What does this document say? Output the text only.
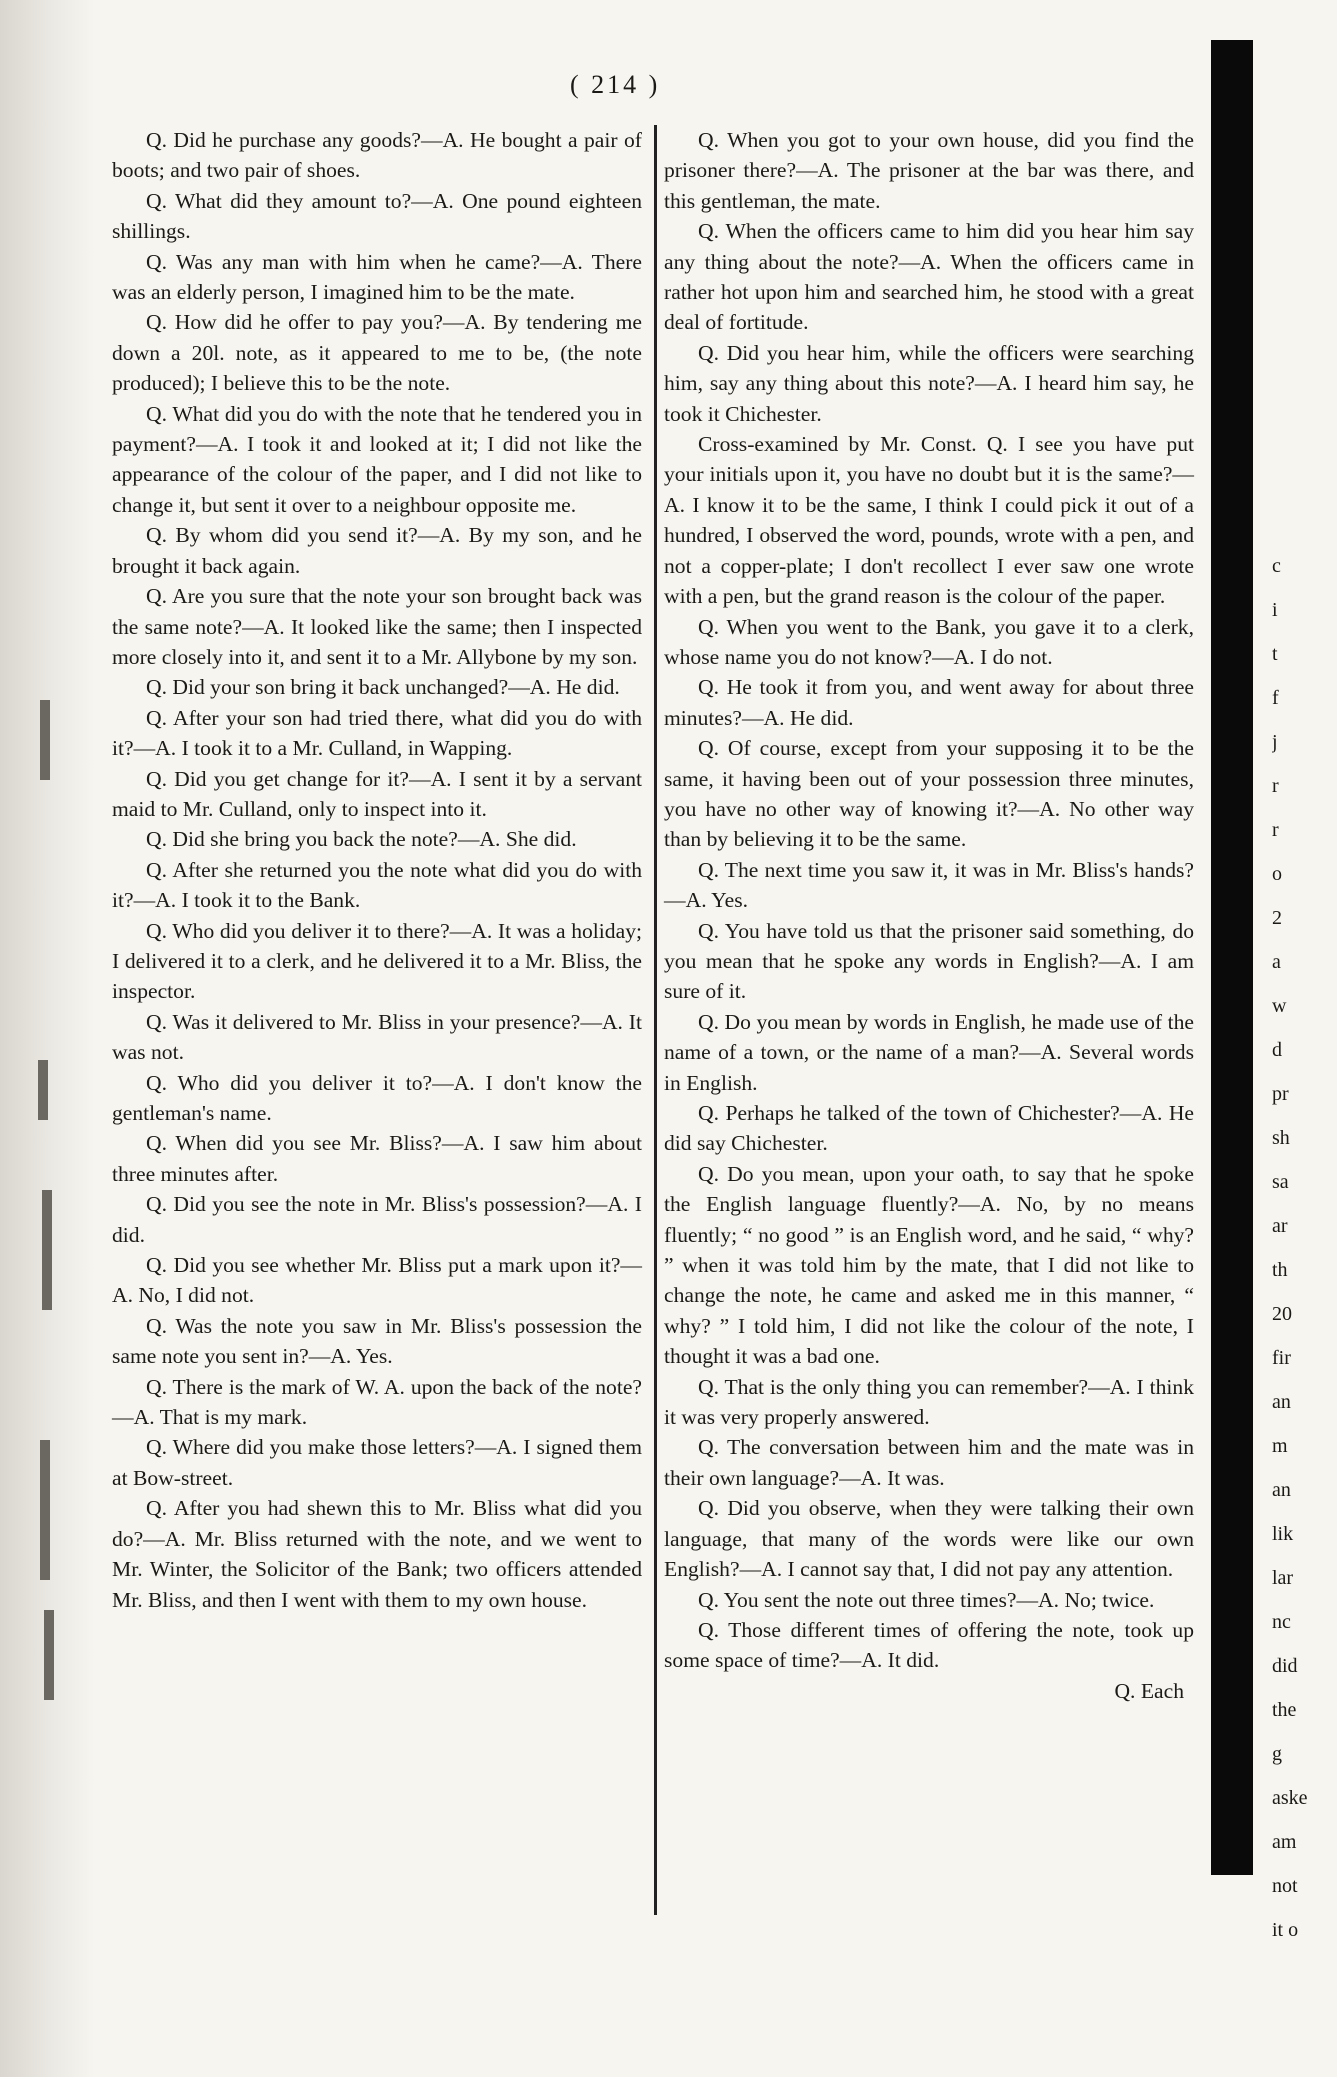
( 214 )

Q. Did he purchase any goods?—A. He bought a pair of boots; and two pair of shoes.

Q. What did they amount to?—A. One pound eighteen shillings.

Q. Was any man with him when he came?—A. There was an elderly person, I imagined him to be the mate.

Q. How did he offer to pay you?—A. By tendering me down a 20l. note, as it appeared to me to be, (the note produced); I believe this to be the note.

Q. What did you do with the note that he tendered you in payment?—A. I took it and looked at it; I did not like the appearance of the colour of the paper, and I did not like to change it, but sent it over to a neighbour opposite me.

Q. By whom did you send it?—A. By my son, and he brought it back again.

Q. Are you sure that the note your son brought back was the same note?—A. It looked like the same; then I inspected more closely into it, and sent it to a Mr. Allybone by my son.

Q. Did your son bring it back unchanged?—A. He did.

Q. After your son had tried there, what did you do with it?—A. I took it to a Mr. Culland, in Wapping.

Q. Did you get change for it?—A. I sent it by a servant maid to Mr. Culland, only to inspect into it.

Q. Did she bring you back the note?—A. She did.

Q. After she returned you the note what did you do with it?—A. I took it to the Bank.

Q. Who did you deliver it to there?—A. It was a holiday; I delivered it to a clerk, and he delivered it to a Mr. Bliss, the inspector.

Q. Was it delivered to Mr. Bliss in your presence?—A. It was not.

Q. Who did you deliver it to?—A. I don't know the gentleman's name.

Q. When did you see Mr. Bliss?—A. I saw him about three minutes after.

Q. Did you see the note in Mr. Bliss's possession?—A. I did.

Q. Did you see whether Mr. Bliss put a mark upon it?—A. No, I did not.

Q. Was the note you saw in Mr. Bliss's possession the same note you sent in?—A. Yes.

Q. There is the mark of W. A. upon the back of the note?—A. That is my mark.

Q. Where did you make those letters?—A. I signed them at Bow-street.

Q. After you had shewn this to Mr. Bliss what did you do?—A. Mr. Bliss returned with the note, and we went to Mr. Winter, the Solicitor of the Bank; two officers attended Mr. Bliss, and then I went with them to my own house.

Q. When you got to your own house, did you find the prisoner there?—A. The prisoner at the bar was there, and this gentleman, the mate.

Q. When the officers came to him did you hear him say any thing about the note?—A. When the officers came in rather hot upon him and searched him, he stood with a great deal of fortitude.

Q. Did you hear him, while the officers were searching him, say any thing about this note?—A. I heard him say, he took it Chichester.

Cross-examined by Mr. Const. Q. I see you have put your initials upon it, you have no doubt but it is the same?—A. I know it to be the same, I think I could pick it out of a hundred, I observed the word, pounds, wrote with a pen, and not a copper-plate; I don't recollect I ever saw one wrote with a pen, but the grand reason is the colour of the paper.

Q. When you went to the Bank, you gave it to a clerk, whose name you do not know?—A. I do not.

Q. He took it from you, and went away for about three minutes?—A. He did.

Q. Of course, except from your supposing it to be the same, it having been out of your possession three minutes, you have no other way of knowing it?—A. No other way than by believing it to be the same.

Q. The next time you saw it, it was in Mr. Bliss's hands?—A. Yes.

Q. You have told us that the prisoner said something, do you mean that he spoke any words in English?—A. I am sure of it.

Q. Do you mean by words in English, he made use of the name of a town, or the name of a man?—A. Several words in English.

Q. Perhaps he talked of the town of Chichester?—A. He did say Chichester.

Q. Do you mean, upon your oath, to say that he spoke the English language fluently?—A. No, by no means fluently; “ no good ” is an English word, and he said, “ why? ” when it was told him by the mate, that I did not like to change the note, he came and asked me in this manner, “ why? ” I told him, I did not like the colour of the note, I thought it was a bad one.

Q. That is the only thing you can remember?—A. I think it was very properly answered.

Q. The conversation between him and the mate was in their own language?—A. It was.

Q. Did you observe, when they were talking their own language, that many of the words were like our own English?—A. I cannot say that, I did not pay any attention.

Q. You sent the note out three times?—A. No; twice.

Q. Those different times of offering the note, took up some space of time?—A. It did.

Q. Each

c
i
t
f
j
r
r
o
2
a
w
d
pr
sh
sa
ar
th
20
fir
an
m
an
lik
lar
nc
did
the
g
aske
am
not
it o
